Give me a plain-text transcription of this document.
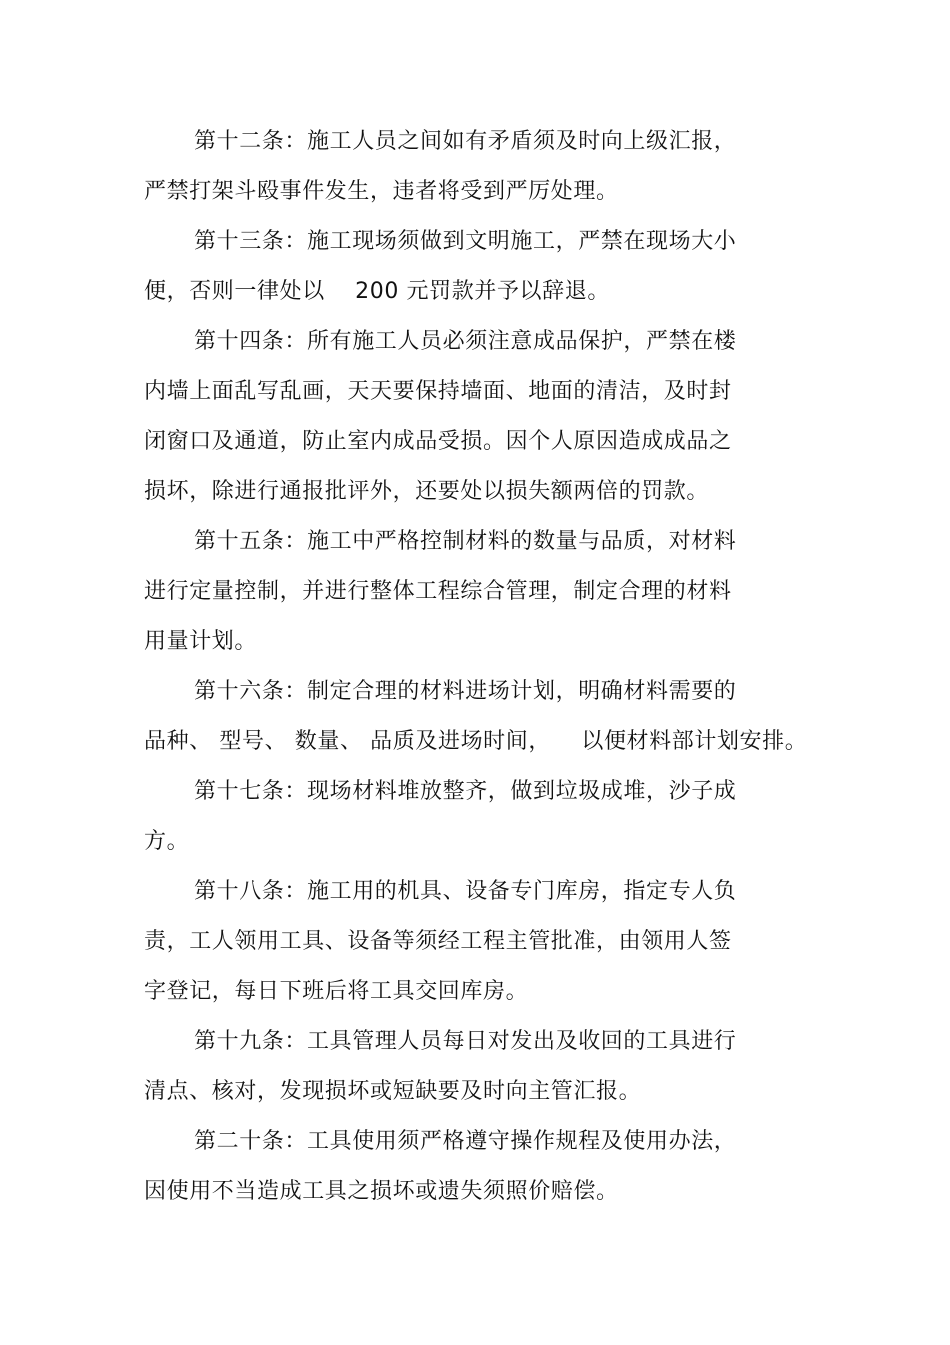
第十二条：施工人员之间如有矛盾须及时向上级汇报，
严禁打架斗殴事件发生，违者将受到严厉处理。
第十三条：施工现场须做到文明施工，严禁在现场大小
便，否则一律处以    200 元罚款并予以辞退。
第十四条：所有施工人员必须注意成品保护，严禁在楼
内墙上面乱写乱画，天天要保持墙面、地面的清洁，及时封
闭窗口及通道，防止室内成品受损。因个人原因造成成品之
损坏，除进行通报批评外，还要处以损失额两倍的罚款。
第十五条：施工中严格控制材料的数量与品质，对材料
进行定量控制，并进行整体工程综合管理，制定合理的材料
用量计划。
第十六条：制定合理的材料进场计划，明确材料需要的
品种、 型号、 数量、 品质及进场时间，    以便材料部计划安排。
第十七条：现场材料堆放整齐，做到垃圾成堆，沙子成
方。
第十八条：施工用的机具、设备专门库房，指定专人负
责，工人领用工具、设备等须经工程主管批准，由领用人签
字登记，每日下班后将工具交回库房。
第十九条：工具管理人员每日对发出及收回的工具进行
清点、核对，发现损坏或短缺要及时向主管汇报。
第二十条：工具使用须严格遵守操作规程及使用办法，
因使用不当造成工具之损坏或遗失须照价赔偿。
